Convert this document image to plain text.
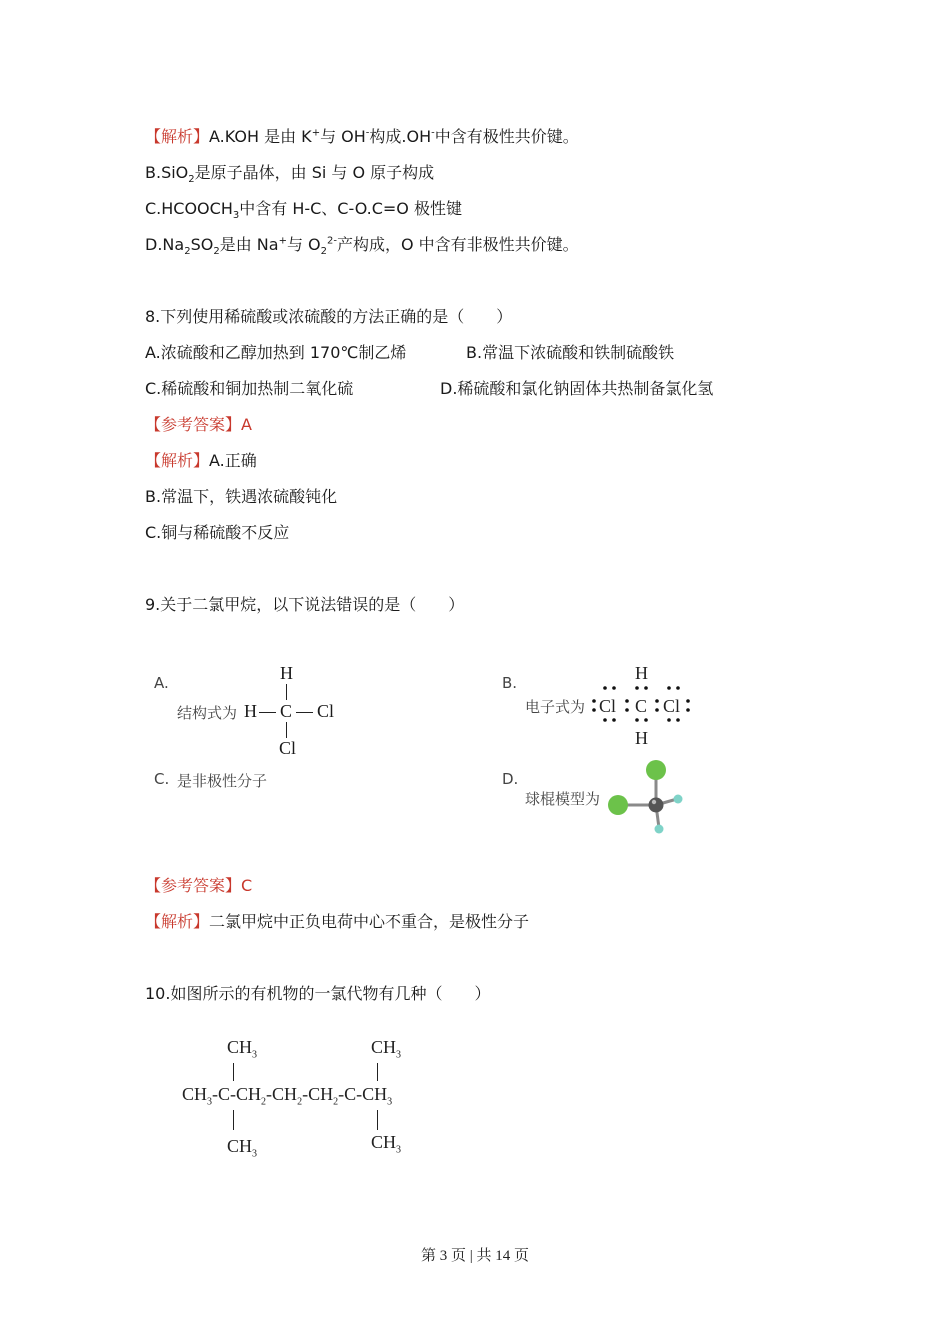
【解析】A.KOH 是由 K+与 OH-构成.OH-中含有极性共价键。
B.SiO$_2$是原子晶体，由 Si 与 O 原子构成
$C.HCOOCH_3$中含有 H-C、C-O.C=O 极性键
$D.Na_2SO_2$是由 Na+与 $O_2^{2-}$产构成，O 中含有非极性共价键。
8.下列使用稀硫酸或浓硫酸的方法正确的是（　　）
A.浓硫酸和乙醇加热到 170℃制乙烯	B.常温下浓硫酸和铁制硫酸铁
C.稀硫酸和铜加热制二氧化硫	D.稀硫酸和氯化钠固体共热制备氯化氢
【参考答案】A
【解析】A.正确
B.常温下，铁遇浓硫酸钝化
C.铜与稀硫酸不反应
9.关于二氯甲烷，以下说法错误的是（　　）
A.
结构式为
H
H C Cl
Cl
B.
电子式为
H
Cl C Cl
H
C. 是非极性分子	D.
球棍模型为
【参考答案】C
【解析】二氯甲烷中正负电荷中心不重合，是极性分子
10.如图所示的有机物的一氯代物有几种（　　）
$CH_3$	$CH_3$
$CH_3-C-CH_2-CH_2-CH_2-C-CH_3$
$CH_3$
$CH_3$
第 3 页 | 共 14 页
